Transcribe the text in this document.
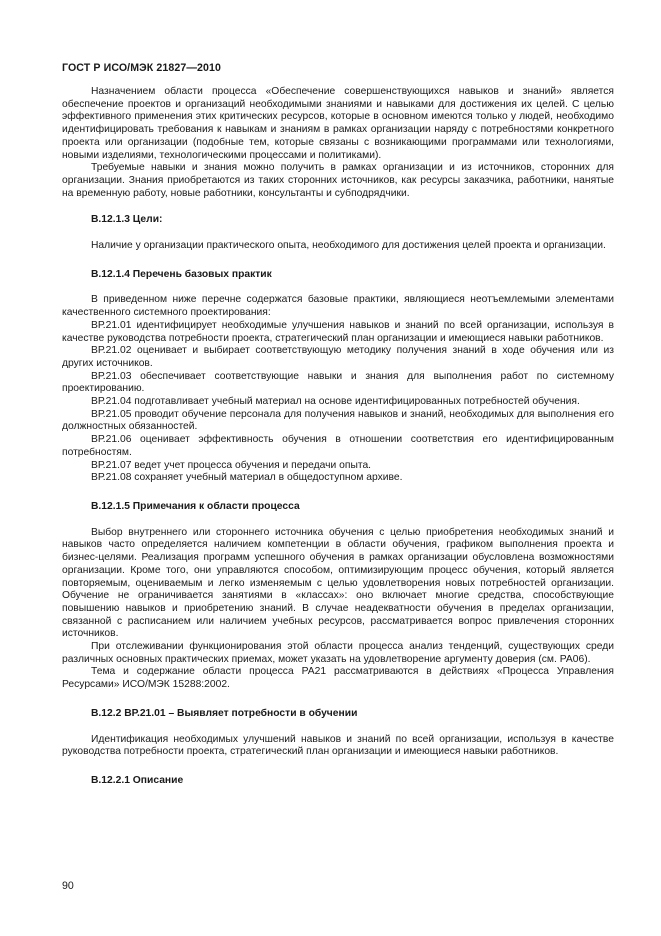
ГОСТ Р ИСО/МЭК 21827—2010

Назначением области процесса «Обеспечение совершенствующихся навыков и знаний» является обеспечение проектов и организаций необходимыми знаниями и навыками для достижения их целей. С целью эффективного применения этих критических ресурсов, которые в основном имеются только у людей, необходимо идентифицировать требования к навыкам и знаниям в рамках организации наряду с потребностями конкретного проекта или организации (подобные тем, которые связаны с возникающими программами или технологиями, новыми изделиями, технологическими процессами и политиками).

Требуемые навыки и знания можно получить в рамках организации и из источников, сторонних для организации. Знания приобретаются из таких сторонних источников, как ресурсы заказчика, работники, нанятые на временную работу, новые работники, консультанты и субподрядчики.

В.12.1.3 Цели:

Наличие у организации практического опыта, необходимого для достижения целей проекта и организации.

В.12.1.4 Перечень базовых практик

В приведенном ниже перечне содержатся базовые практики, являющиеся неотъемлемыми элементами качественного системного проектирования:

ВР.21.01 идентифицирует необходимые улучшения навыков и знаний по всей организации, используя в качестве руководства потребности проекта, стратегический план организации и имеющиеся навыки работников.

ВР.21.02 оценивает и выбирает соответствующую методику получения знаний в ходе обучения или из других источников.

ВР.21.03 обеспечивает соответствующие навыки и знания для выполнения работ по системному проектированию.

ВР.21.04 подготавливает учебный материал на основе идентифицированных потребностей обучения.

ВР.21.05 проводит обучение персонала для получения навыков и знаний, необходимых для выполнения его должностных обязанностей.

ВР.21.06 оценивает эффективность обучения в отношении соответствия его идентифицированным потребностям.

ВР.21.07 ведет учет процесса обучения и передачи опыта.

ВР.21.08 сохраняет учебный материал в общедоступном архиве.

В.12.1.5 Примечания к области процесса

Выбор внутреннего или стороннего источника обучения с целью приобретения необходимых знаний и навыков часто определяется наличием компетенции в области обучения, графиком выполнения проекта и бизнес-целями. Реализация программ успешного обучения в рамках организации обусловлена возможностями организации. Кроме того, они управляются способом, оптимизирующим процесс обучения, который является повторяемым, оцениваемым и легко изменяемым с целью удовлетворения новых потребностей организации. Обучение не ограничивается занятиями в «классах»: оно включает многие средства, способствующие повышению навыков и приобретению знаний. В случае неадекватности обучения в пределах организации, связанной с расписанием или наличием учебных ресурсов, рассматривается вопрос привлечения сторонних источников.

При отслеживании функционирования этой области процесса анализ тенденций, существующих среди различных основных практических приемах, может указать на удовлетворение аргументу доверия (см. РА06).

Тема и содержание области процесса РА21 рассматриваются в действиях «Процесса Управления Ресурсами» ИСО/МЭК 15288:2002.

В.12.2 ВР.21.01 – Выявляет потребности в обучении

Идентификация необходимых улучшений навыков и знаний по всей организации, используя в качестве руководства потребности проекта, стратегический план организации и имеющиеся навыки работников.

В.12.2.1 Описание
90
